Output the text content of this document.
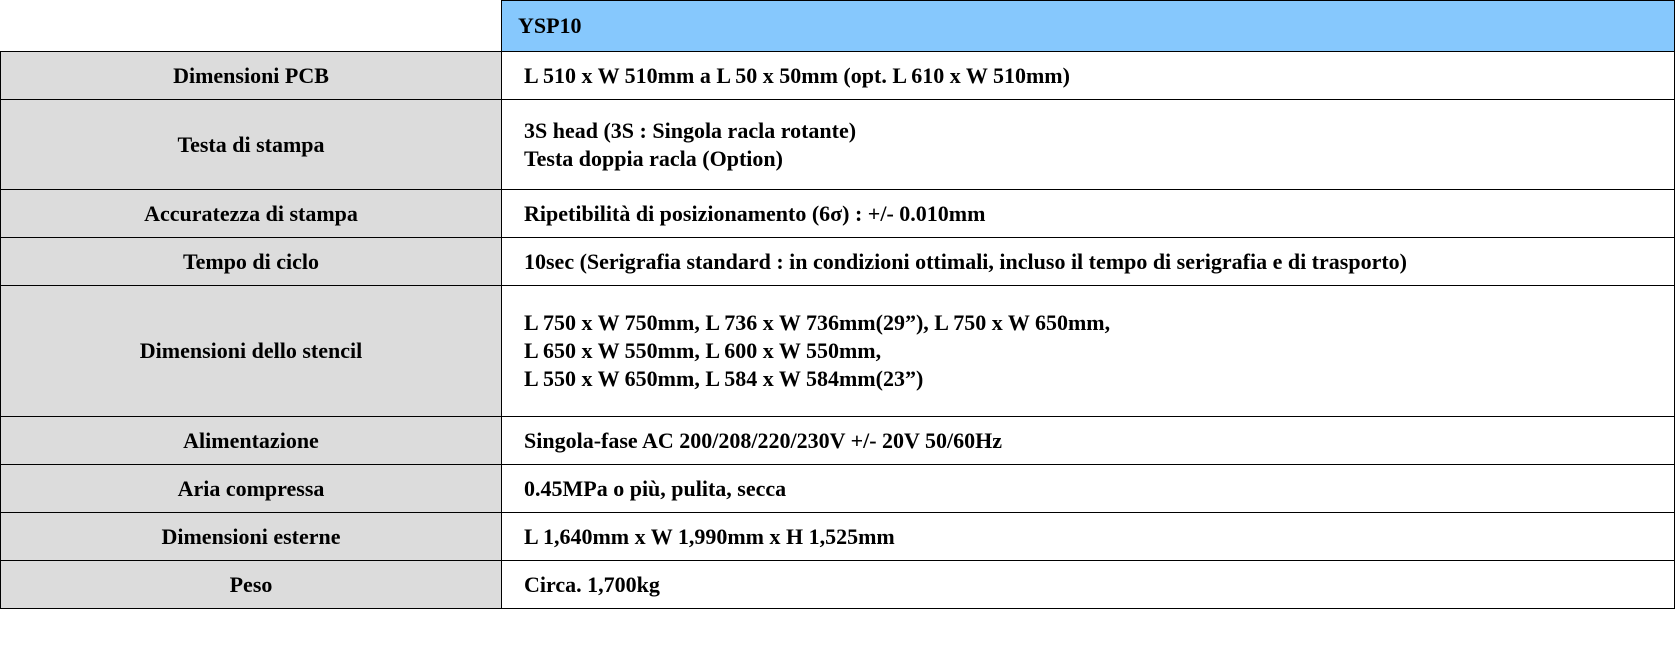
	YSP10
Dimensioni PCB	L 510 x W 510mm a L 50 x 50mm (opt. L 610 x W 510mm)

Testa di stampa	3S head (3S : Singola racla rotante)
Testa doppia racla (Option)

Accuratezza di stampa	Ripetibilità di posizionamento (6σ) : +/- 0.010mm

Tempo di ciclo	10sec (Serigrafia standard : in condizioni ottimali, incluso il tempo di serigrafia e di trasporto)

Dimensioni dello stencil	L 750 x W 750mm, L 736 x W 736mm(29”), L 750 x W 650mm,
L 650 x W 550mm, L 600 x W 550mm,
L 550 x W 650mm, L 584 x W 584mm(23”)

Alimentazione	Singola-fase AC 200/208/220/230V +/- 20V 50/60Hz

Aria compressa	0.45MPa o più, pulita, secca

Dimensioni esterne	L 1,640mm x W 1,990mm x H 1,525mm

Peso	Circa. 1,700kg
